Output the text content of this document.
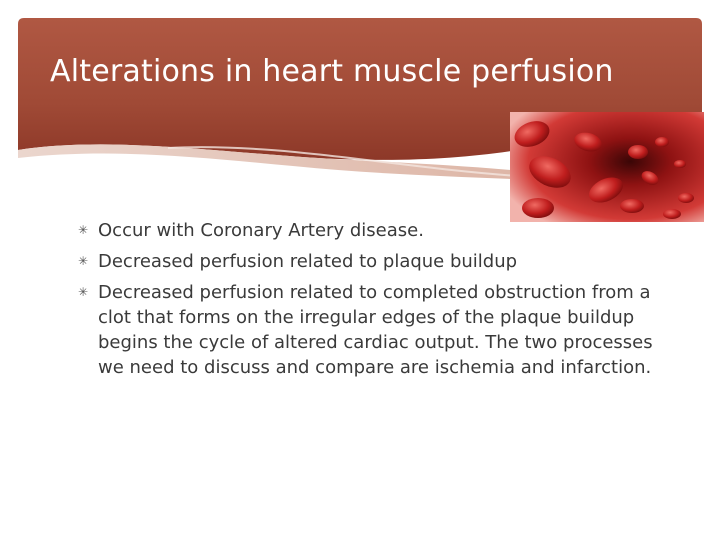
Alterations in heart muscle perfusion
✳ Occur with Coronary Artery disease.
✳ Decreased perfusion related to plaque buildup
✳ Decreased perfusion related to completed obstruction from a clot that forms on the irregular edges of the plaque buildup begins the cycle of altered cardiac output. The two processes we need to discuss and compare are ischemia and infarction.
